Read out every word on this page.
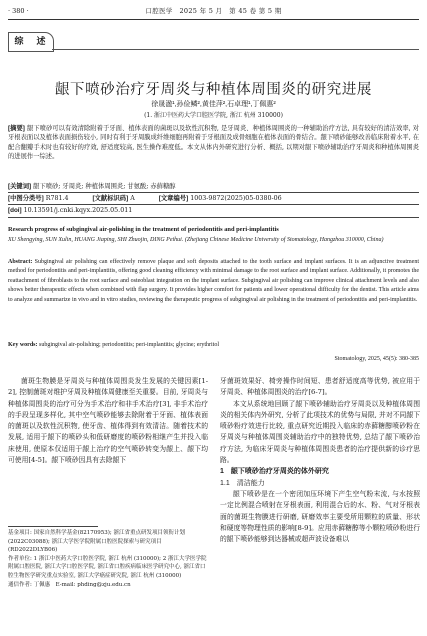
· 380 ·	口腔医学　2025 年 5 月　第 45 卷 第 5 期
综　述
龈下喷砂治疗牙周炎与种植体周围炎的研究进展
徐晟溋¹,孙俭鳞²,黄佳萍²,石卓理¹,丁佩惠²
(1. 浙江中医药大学口腔医学院, 浙江 杭州 310000)

[摘要] 龈下喷砂可以有效清除附着于牙面、植体表面的菌斑以及软性沉积物, 是牙周炎、种植体周围炎的一种辅助治疗方法, 具有较好的清洁效率, 对牙根表面以及植体表面损伤较小, 同时有利于牙周膜成纤维细胞再附着于牙根面及成骨细胞在植体表面的骨结合。龈下喷砂能够改善临床附着水平, 在配合翻瓣手术时也有较好的疗效, 舒适度较高, 医生操作难度低。本文从体内外研究进行分析、概括, 以期对龈下喷砂辅助治疗牙周炎和种植体周围炎的进展作一综述。

[关键词] 龈下喷砂; 牙周炎; 种植体周围炎; 甘氨酸; 赤藓糖醇
[中图分类号] R781.4	[文献标识码] A	[文章编号] 1003-9872(2025)05-0380-06
[doi] 10.13591/j.cnki.kqyx.2025.05.011
Research progress of subgingival air-polishing in the treatment of periodontitis and peri-implantitis
XU Shengying, SUN Xulin, HUANG Jiaping, SHI Zhuojin, DING Peihui. (Zhejiang Chinese Medicine University of Stomatology, Hangzhou 310000, China)
Abstract: Subgingival air polishing can effectively remove plaque and soft deposits attached to the tooth surface and implant surfaces. It is an adjunctive treatment method for periodontitis and peri-implantitis, offering good cleaning efficiency with minimal damage to the root surface and implant surface. Additionally, it promotes the reattachment of fibroblasts to the root surface and osteoblast integration on the implant surface. Subgingival air polishing can improve clinical attachment levels and also shows better therapeutic effects when combined with flap surgery. It provides higher comfort for patients and lower operational difficulty for the dentist. This article aims to analyze and summarize in vivo and in vitro studies, reviewing the therapeutic progress of subgingival air polishing in the treatment of periodontitis and peri-implantitis.
Key words: subgingival air-polishing; periodontitis; peri-implantitis; glycine; erythritol
Stomatology, 2025, 45(5): 380-385

菌斑生物膜是牙周炎与种植体周围炎发生发展的关键因素[1-2], 控制菌斑对维护牙周及种植体周健康至关重要。目前, 牙周炎与种植体周围炎的治疗可分为手术治疗和非手术治疗[3], 非手术治疗的手段呈现多样化, 其中空气喷砂能够去除附着于牙面、植体表面的菌斑以及软性沉积物, 使牙齿、植体得到有效清洁。随着技术的发展, 适用于龈下的喷砂头和低研磨度的喷砂粉相继产生并投入临床使用, 使原本仅适用于龈上治疗的空气喷砂转变为龈上、龈下均可使用[4-5]。龈下喷砂因具有去除龈下

基金项目: 国家自然科学基金(82170953); 浙江省重点研发项目领衔计划(2022C03088); 浙江大学医学院附属口腔医院探索与研究项目(RD2022DLYB06)

作者单位: 1 浙江中医药大学口腔医学院, 浙江 杭州 (310000); 2 浙江大学医学院附属口腔医院, 浙江大学口腔医学院, 浙江省口腔疾病临床医学研究中心, 浙江省口腔生物医学研究重点实验室, 浙江大学癌症研究院, 浙江 杭州 (310000)

通信作者: 丁佩惠　E-mail: phding@zju.edu.cn

牙菌斑效果好、椅旁操作时间短、患者舒适度高等优势, 被应用于牙周炎、种植体周围炎的治疗[6-7]。

本文从系统地回顾了龈下喷砂辅助治疗牙周炎以及种植体周围炎的相关体内外研究, 分析了此项技术的优势与局限, 并对不同龈下喷砂粉疗效进行比较, 重点研究近期投入临床的赤藓糖醇喷砂粉在牙周炎与种植体周围炎辅助治疗中的独特优势, 总结了龈下喷砂治疗方法, 为临床牙周炎与种植体周围炎患者的治疗提供新的诊疗思路。

1　龈下喷砂治疗牙周炎的体外研究

1.1　清洁能力

龈下喷砂是在一个密闭加压环境下产生空气粉末流, 与水按照一定比例混合喷射在牙根表面, 利用混合后的水、粉、气对牙根表面的菌斑生物膜进行研磨, 研磨效率主要受所用颗粒的质量、形状和硬度等物理性质的影响[8-9]。应用赤藓糖醇等小颗粒喷砂粉进行的龈下喷砂能够到达器械或超声波设备难以
